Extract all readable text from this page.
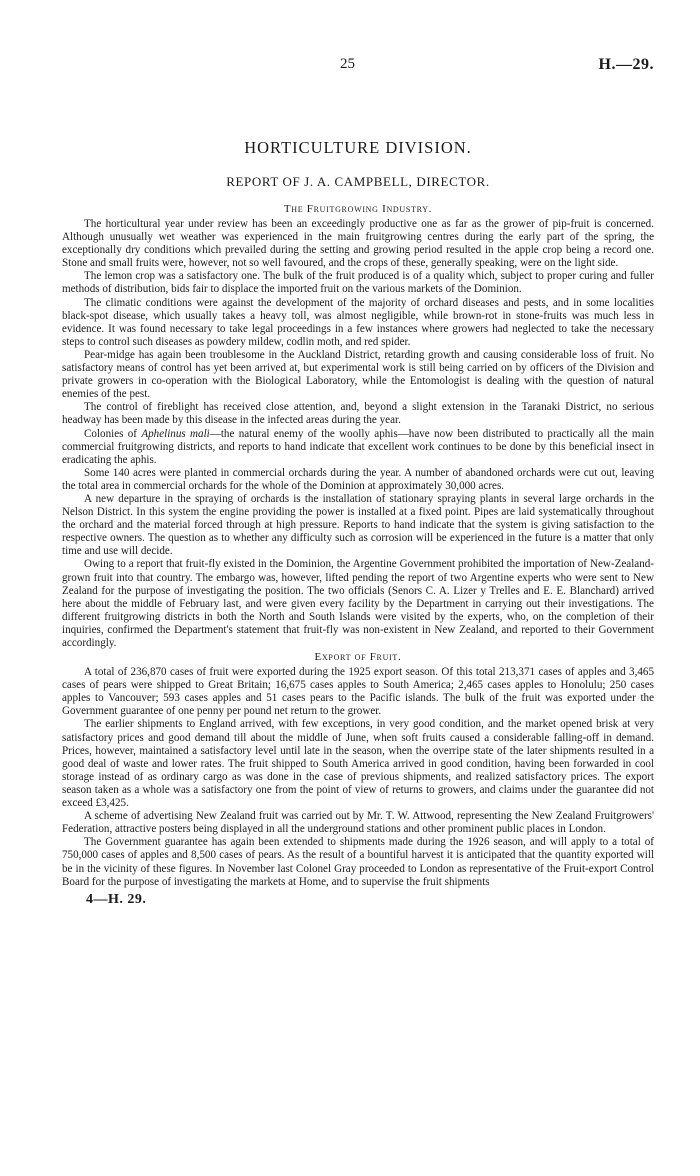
25	H.—29.
HORTICULTURE DIVISION.
REPORT OF J. A. CAMPBELL, DIRECTOR.
The Fruitgrowing Industry.

The horticultural year under review has been an exceedingly productive one as far as the grower of pip-fruit is concerned. Although unusually wet weather was experienced in the main fruitgrowing centres during the early part of the spring, the exceptionally dry conditions which prevailed during the setting and growing period resulted in the apple crop being a record one. Stone and small fruits were, however, not so well favoured, and the crops of these, generally speaking, were on the light side.

The lemon crop was a satisfactory one. The bulk of the fruit produced is of a quality which, subject to proper curing and fuller methods of distribution, bids fair to displace the imported fruit on the various markets of the Dominion.

The climatic conditions were against the development of the majority of orchard diseases and pests, and in some localities black-spot disease, which usually takes a heavy toll, was almost negligible, while brown-rot in stone-fruits was much less in evidence. It was found necessary to take legal proceedings in a few instances where growers had neglected to take the necessary steps to control such diseases as powdery mildew, codlin moth, and red spider.

Pear-midge has again been troublesome in the Auckland District, retarding growth and causing considerable loss of fruit. No satisfactory means of control has yet been arrived at, but experimental work is still being carried on by officers of the Division and private growers in co-operation with the Biological Laboratory, while the Entomologist is dealing with the question of natural enemies of the pest.

The control of fireblight has received close attention, and, beyond a slight extension in the Taranaki District, no serious headway has been made by this disease in the infected areas during the year.

Colonies of Aphelinus mali—the natural enemy of the woolly aphis—have now been distributed to practically all the main commercial fruitgrowing districts, and reports to hand indicate that excellent work continues to be done by this beneficial insect in eradicating the aphis.

Some 140 acres were planted in commercial orchards during the year. A number of abandoned orchards were cut out, leaving the total area in commercial orchards for the whole of the Dominion at approximately 30,000 acres.

A new departure in the spraying of orchards is the installation of stationary spraying plants in several large orchards in the Nelson District. In this system the engine providing the power is installed at a fixed point. Pipes are laid systematically throughout the orchard and the material forced through at high pressure. Reports to hand indicate that the system is giving satisfaction to the respective owners. The question as to whether any difficulty such as corrosion will be experienced in the future is a matter that only time and use will decide.

Owing to a report that fruit-fly existed in the Dominion, the Argentine Government prohibited the importation of New-Zealand-grown fruit into that country. The embargo was, however, lifted pending the report of two Argentine experts who were sent to New Zealand for the purpose of investigating the position. The two officials (Senors C. A. Lizer y Trelles and E. E. Blanchard) arrived here about the middle of February last, and were given every facility by the Department in carrying out their investigations. The different fruitgrowing districts in both the North and South Islands were visited by the experts, who, on the completion of their inquiries, confirmed the Department's statement that fruit-fly was non-existent in New Zealand, and reported to their Government accordingly.

Export of Fruit.

A total of 236,870 cases of fruit were exported during the 1925 export season. Of this total 213,371 cases of apples and 3,465 cases of pears were shipped to Great Britain; 16,675 cases apples to South America; 2,465 cases apples to Honolulu; 250 cases apples to Vancouver; 593 cases apples and 51 cases pears to the Pacific islands. The bulk of the fruit was exported under the Government guarantee of one penny per pound net return to the grower.

The earlier shipments to England arrived, with few exceptions, in very good condition, and the market opened brisk at very satisfactory prices and good demand till about the middle of June, when soft fruits caused a considerable falling-off in demand. Prices, however, maintained a satisfactory level until late in the season, when the overripe state of the later shipments resulted in a good deal of waste and lower rates. The fruit shipped to South America arrived in good condition, having been forwarded in cool storage instead of as ordinary cargo as was done in the case of previous shipments, and realized satisfactory prices. The export season taken as a whole was a satisfactory one from the point of view of returns to growers, and claims under the guarantee did not exceed £3,425.

A scheme of advertising New Zealand fruit was carried out by Mr. T. W. Attwood, representing the New Zealand Fruitgrowers' Federation, attractive posters being displayed in all the underground stations and other prominent public places in London.

The Government guarantee has again been extended to shipments made during the 1926 season, and will apply to a total of 750,000 cases of apples and 8,500 cases of pears. As the result of a bountiful harvest it is anticipated that the quantity exported will be in the vicinity of these figures. In November last Colonel Gray proceeded to London as representative of the Fruit-export Control Board for the purpose of investigating the markets at Home, and to supervise the fruit shipments

4—H. 29.
